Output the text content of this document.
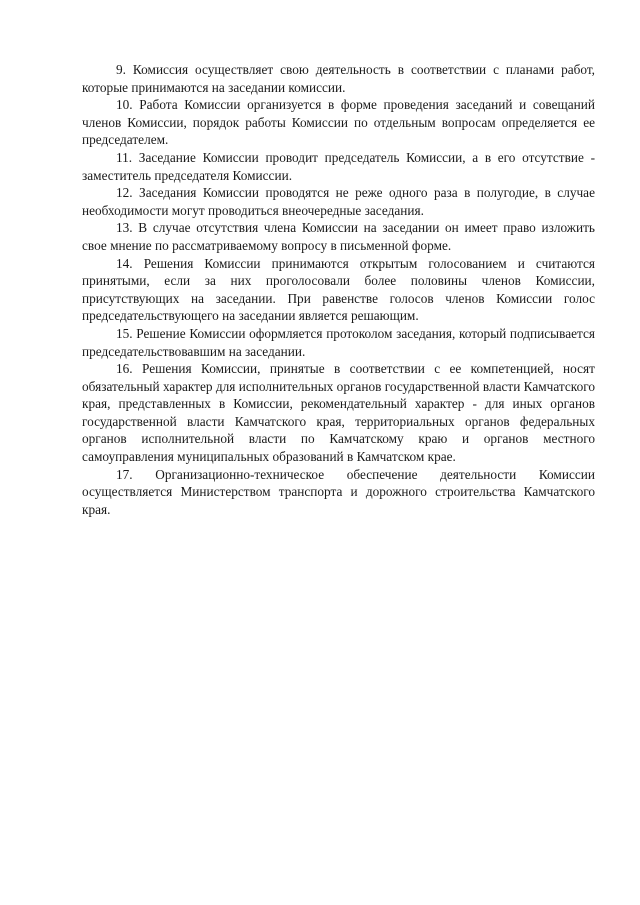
9. Комиссия осуществляет свою деятельность в соответствии с планами работ, которые принимаются на заседании комиссии.

10. Работа Комиссии организуется в форме проведения заседаний и совещаний членов Комиссии, порядок работы Комиссии по отдельным вопросам определяется ее председателем.

11. Заседание Комиссии проводит председатель Комиссии, а в его отсутствие - заместитель председателя Комиссии.

12. Заседания Комиссии проводятся не реже одного раза в полугодие, в случае необходимости могут проводиться внеочередные заседания.

13. В случае отсутствия члена Комиссии на заседании он имеет право изложить свое мнение по рассматриваемому вопросу в письменной форме.

14. Решения Комиссии принимаются открытым голосованием и считаются принятыми, если за них проголосовали более половины членов Комиссии, присутствующих на заседании. При равенстве голосов членов Комиссии голос председательствующего на заседании является решающим.

15. Решение Комиссии оформляется протоколом заседания, который подписывается председательствовавшим на заседании.

16. Решения Комиссии, принятые в соответствии с ее компетенцией, носят обязательный характер для исполнительных органов государственной власти Камчатского края, представленных в Комиссии, рекомендательный характер - для иных органов государственной власти Камчатского края, территориальных органов федеральных органов исполнительной власти по Камчатскому краю и органов местного самоуправления муниципальных образований в Камчатском крае.

17. Организационно-техническое обеспечение деятельности Комиссии осуществляется Министерством транспорта и дорожного строительства Камчатского края.
